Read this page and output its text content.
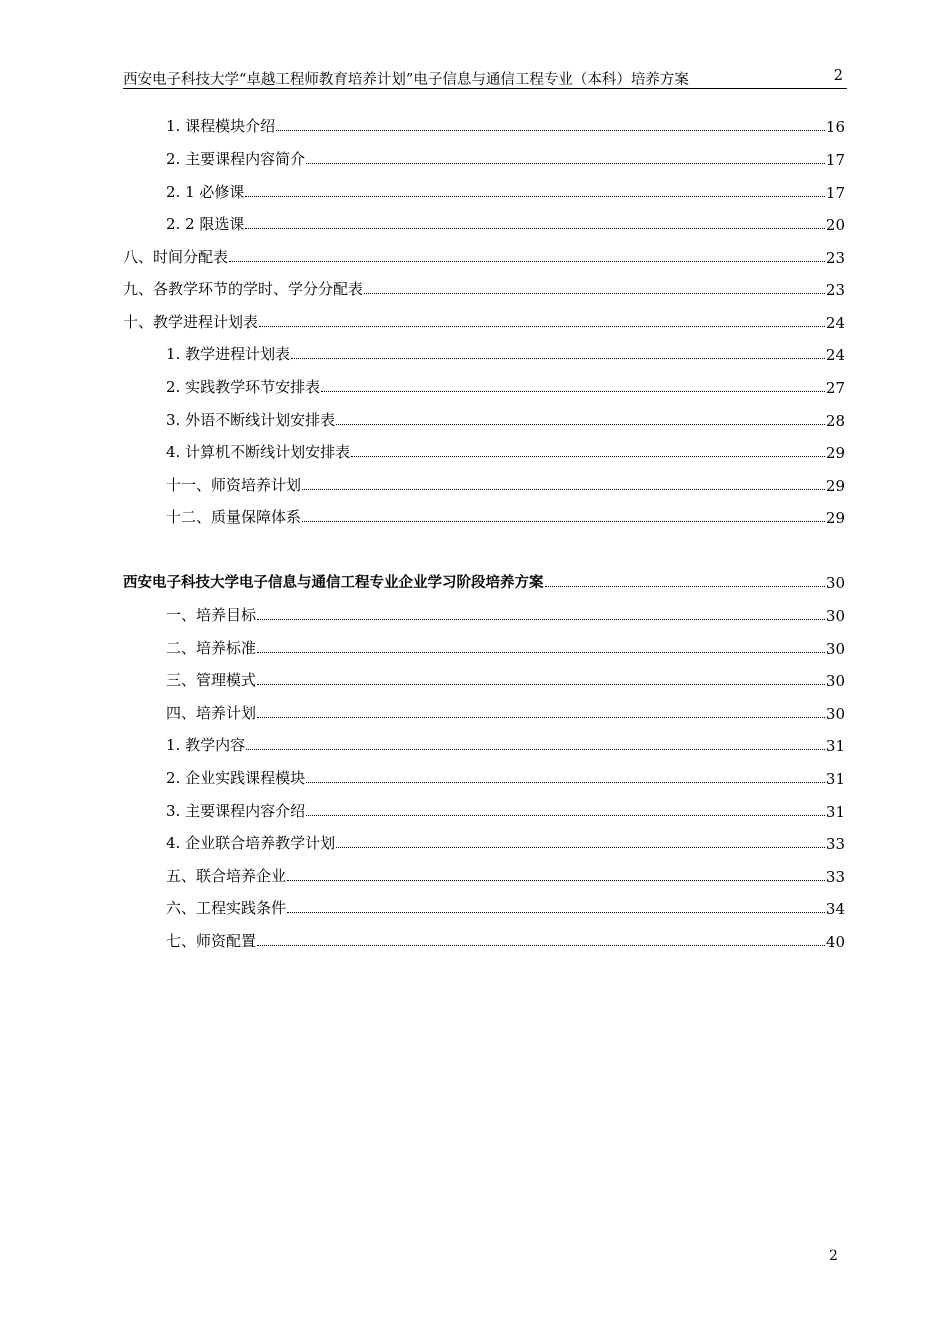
西安电子科技大学“卓越工程师教育培养计划”电子信息与通信工程专业（本科）培养方案	2
1. 课程模块介绍	16
2. 主要课程内容简介	17
2. 1 必修课	17
2. 2 限选课	20
八、时间分配表	23
九、各教学环节的学时、学分分配表	23
十、教学进程计划表	24
1. 教学进程计划表	24
2. 实践教学环节安排表	27
3. 外语不断线计划安排表	28
4. 计算机不断线计划安排表	29
十一、师资培养计划	29
十二、质量保障体系	29
西安电子科技大学电子信息与通信工程专业企业学习阶段培养方案	30
一、培养目标	30
二、培养标准	30
三、管理模式	30
四、培养计划	30
1. 教学内容	31
2. 企业实践课程模块	31
3. 主要课程内容介绍	31
4. 企业联合培养教学计划	33
五、联合培养企业	33
六、工程实践条件	34
七、师资配置	40
2
